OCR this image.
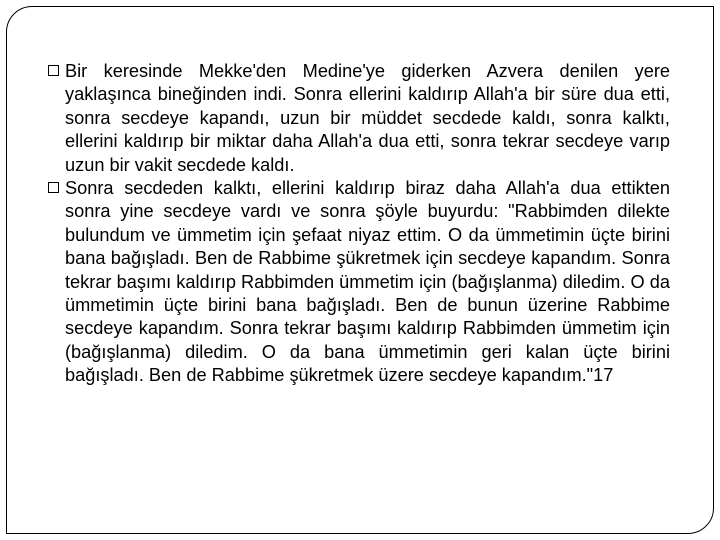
Bir keresinde Mekke'den Medine'ye giderken Azvera denilen yere yaklaşınca bineğinden indi. Sonra ellerini kaldırıp Allah'a bir süre dua etti, sonra secdeye kapandı, uzun bir müddet secdede kaldı, sonra kalktı, ellerini kaldırıp bir miktar daha Allah'a dua etti, sonra tekrar secdeye varıp uzun bir vakit secdede kaldı.
Sonra secdeden kalktı, ellerini kaldırıp biraz daha Allah'a dua ettikten sonra yine secdeye vardı ve sonra şöyle buyurdu: "Rabbimden dilekte bulundum ve ümmetim için şefaat niyaz ettim. O da ümmetimin üçte birini bana bağışladı. Ben de Rabbime şükretmek için secdeye kapandım. Sonra tekrar başımı kaldırıp Rabbimden ümmetim için (bağışlanma) diledim. O da ümmetimin üçte birini bana bağışladı. Ben de bunun üzerine Rabbime secdeye kapandım. Sonra tekrar başımı kaldırıp Rabbimden ümmetim için (bağışlanma) diledim. O da bana ümmetimin geri kalan üçte birini bağışladı. Ben de Rabbime şükretmek üzere secdeye kapandım."17
